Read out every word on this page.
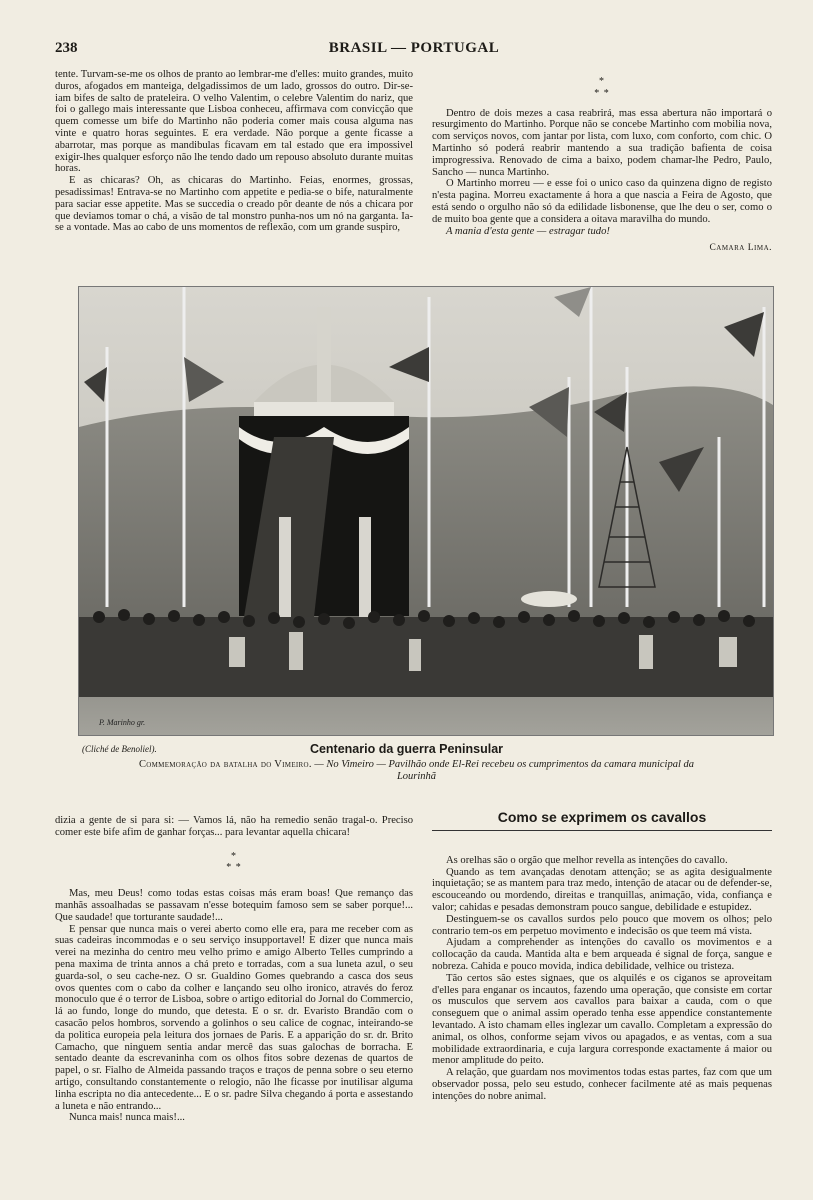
238	BRASIL — PORTUGAL

tente. Turvam-se-me os olhos de pranto ao lembrar-me d'elles: muito grandes, muito duros, afogados em manteiga, delgadissimos de um lado, grossos do outro. Dir-se-iam bifes de salto de prateleira. O velho Valentim, o celebre Valentim do nariz, que foi o gallego mais interessante que Lisboa conheceu, affirmava com convicção que quem comesse um bife do Martinho não poderia comer mais cousa alguma nas vinte e quatro horas seguintes. E era verdade. Não porque a gente ficasse a abarrotar, mas porque as mandibulas ficavam em tal estado que era impossivel exigir-lhes qualquer esforço não lhe tendo dado um repouso absoluto durante muitas horas.

E as chicaras? Oh, as chicaras do Martinho. Feias, enormes, grossas, pesadissimas! Entrava-se no Martinho com appetite e pedia-se o bife, naturalmente para saciar esse appetite. Mas se succedia o creado pôr deante de nós a chicara por que deviamos tomar o chá, a visão de tal monstro punha-nos um nó na garganta. Ia-se a vontade. Mas ao cabo de uns momentos de reflexão, com um grande suspiro,

*
* *

Dentro de dois mezes a casa reabrirá, mas essa abertura não importará o resurgimento do Martinho. Porque não se concebe Martinho com mobilia nova, com serviços novos, com jantar por lista, com luxo, com conforto, com chic. O Martinho só poderá reabrir mantendo a sua tradição bafienta de coisa improgressiva. Renovado de cima a baixo, podem chamar-lhe Pedro, Paulo, Sancho — nunca Martinho.

O Martinho morreu — e esse foi o unico caso da quinzena digno de registo n'esta pagina. Morreu exactamente á hora a que nascia a Feira de Agosto, que está sendo o orgulho não só da edilidade lisbonense, que lhe deu o ser, como o de muito boa gente que a considera a oitava maravilha do mundo.

A mania d'esta gente — estragar tudo!

Camara Lima.
P. Marinho gr.
(Cliché de Benoliel).	Centenario da guerra Peninsular
Commemoração da batalha do Vimeiro. — No Vimeiro — Pavilhão onde El-Rei recebeu os cumprimentos da camara municipal da Lourinhã

dizia a gente de si para si: — Vamos lá, não ha remedio senão tragal-o. Preciso comer este bife afim de ganhar forças... para levantar aquella chicara!

*
* *

Mas, meu Deus! como todas estas coisas más eram boas! Que remanço das manhãs assoalhadas se passavam n'esse botequim famoso sem se saber porque!... Que saudade! que torturante saudade!...

E pensar que nunca mais o verei aberto como elle era, para me receber com as suas cadeiras incommodas e o seu serviço insupportavel! E dizer que nunca mais verei na mezinha do centro meu velho primo e amigo Alberto Telles cumprindo a pena maxima de trinta annos a chá preto e torradas, com a sua luneta azul, o seu guarda-sol, o seu cache-nez. O sr. Gualdino Gomes quebrando a casca dos seus ovos quentes com o cabo da colher e lançando seu olho ironico, através do feroz monoculo que é o terror de Lisboa, sobre o artigo editorial do Jornal do Commercio, lá ao fundo, longe do mundo, que detesta. E o sr. dr. Evaristo Brandão com o casacão pelos hombros, sorvendo a golinhos o seu calice de cognac, inteirando-se da politica europeia pela leitura dos jornaes de Paris. E a apparição do sr. dr. Brito Camacho, que ninguem sentia andar mercê das suas galochas de borracha. E sentado deante da escrevaninha com os olhos fitos sobre dezenas de quartos de papel, o sr. Fialho de Almeida passando traços e traços de penna sobre o seu eterno artigo, consultando constantemente o relogio, não lhe ficasse por inutilisar alguma linha escripta no dia antecedente... E o sr. padre Silva chegando á porta e assestando a luneta e não entrando...

Nunca mais! nunca mais!...

Como se exprimem os cavallos

As orelhas são o orgão que melhor revella as intenções do cavallo.

Quando as tem avançadas denotam attenção; se as agita desigualmente inquietação; se as mantem para traz medo, intenção de atacar ou de defender-se, escouceando ou mordendo, direitas e tranquillas, animação, vida, confiança e valor; cahidas e pesadas demonstram pouco sangue, debilidade e estupidez.

Destinguem-se os cavallos surdos pelo pouco que movem os olhos; pelo contrario tem-os em perpetuo movimento e indecisão os que teem má vista.

Ajudam a comprehender as intenções do cavallo os movimentos e a collocação da cauda. Mantida alta e bem arqueada é signal de força, sangue e nobreza. Cahida e pouco movida, indica debilidade, velhice ou tristeza.

Tão certos são estes signaes, que os alquilés e os ciganos se aproveitam d'elles para enganar os incautos, fazendo uma operação, que consiste em cortar os musculos que servem aos cavallos para baixar a cauda, com o que conseguem que o animal assim operado tenha esse appendice constantemente levantado. A isto chamam elles inglezar um cavallo. Completam a expressão do animal, os olhos, conforme sejam vivos ou apagados, e as ventas, com a sua mobilidade extraordinaria, e cuja largura corresponde exactamente á maior ou menor amplitude do peito.

A relação, que guardam nos movimentos todas estas partes, faz com que um observador possa, pelo seu estudo, conhecer facilmente até as mais pequenas intenções do nobre animal.
